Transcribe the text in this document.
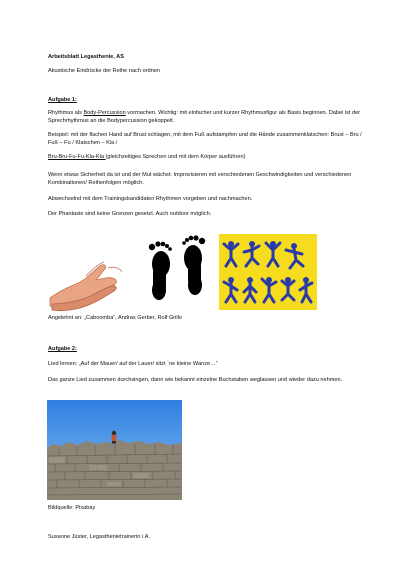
Arbeitsblatt Legasthenie, AS

Akustische Eindrücke der Reihe nach ordnen

Aufgabe 1:

Rhythmus als Body-Percussion vormachen. Wichtig: mit einfacher und kurzer Rhythmusfigur als Basis beginnen. Dabei ist der Sprechrhythmus an die Bodypercussion gekoppelt.

Beispiel: mit der flachen Hand auf Brust schlagen, mit dem Fuß aufstampfen und die Hände zusammenklatschen: Brust – Bru / Fuß – Fu / Klatschen – Kla /

Bru-Bru-Fu-Fu-Kla-Kla (gleichzeitiges Sprechen und mit dem Körper ausführen)

Wenn etwas Sicherheit da ist und der Mut wächst: Improvisieren mit verschiedenen Geschwindigkeiten und verschiedenen Kombinationen/ Reihenfolgen möglich.

Abwechselnd mit dem Trainingskandidaten Rhythmen vorgeben und nachmachen.

Der Phantasie sind keine Grenzen gesetzt. Auch outdoor möglich.

Angelehnt an: „Caboomba“, Andras Gerber, Rolf Grillo

Aufgabe 2:

Lied lernen: „Auf der Mauer/ auf der Lauer/ sitzt `ne kleine Wanze…“

Das ganze Lied zusammen durchsingen, dann wie bekannt einzelne Buchstaben weglassen und wieder dazu nehmen.

Bildquelle: Pixabay

Susanne Jüster, Legasthenietrainerin i.A.
